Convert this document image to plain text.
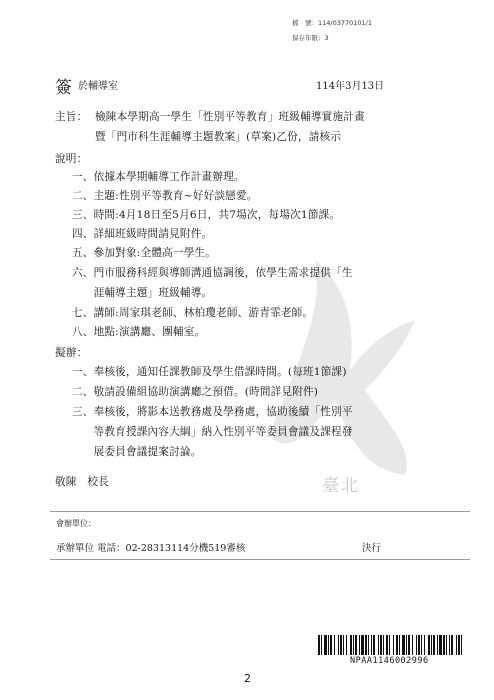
臺北
檔　號：114/03770101/1
保存年限：3
簽 於輔導室	114年3月13日
主旨： 檢陳本學期高一學生「性別平等教育」班級輔導實施計畫
暨「門市科生涯輔導主題教案」(草案)乙份，請核示
說明：
一、依據本學期輔導工作計畫辦理。
二、主題:性別平等教育~好好談戀愛。
三、時間:4月18日至5月6日，共7場次，每場次1節課。
四、詳細班級時間請見附件。
五、參加對象:全體高一學生。
六、門市服務科經與導師溝通協調後，依學生需求提供「生
　　涯輔導主題」班級輔導。
七、講師:周家琪老師、林柏瓊老師、游青霏老師。
八、地點:演講廳、團輔室。
擬辦：
一、奉核後，通知任課教師及學生借課時間。(每班1節課)
二、敬請設備組協助演講廳之預借。(時間詳見附件)
三、奉核後，將影本送教務處及學務處，協助後續「性別平
　　等教育授課內容大綱」納入性別平等委員會議及課程發
　　展委員會議提案討論。
敬陳　校長
會辦單位：
承辦單位 電話：02-28313114分機519審核	決行
NPAA1146002996
2
